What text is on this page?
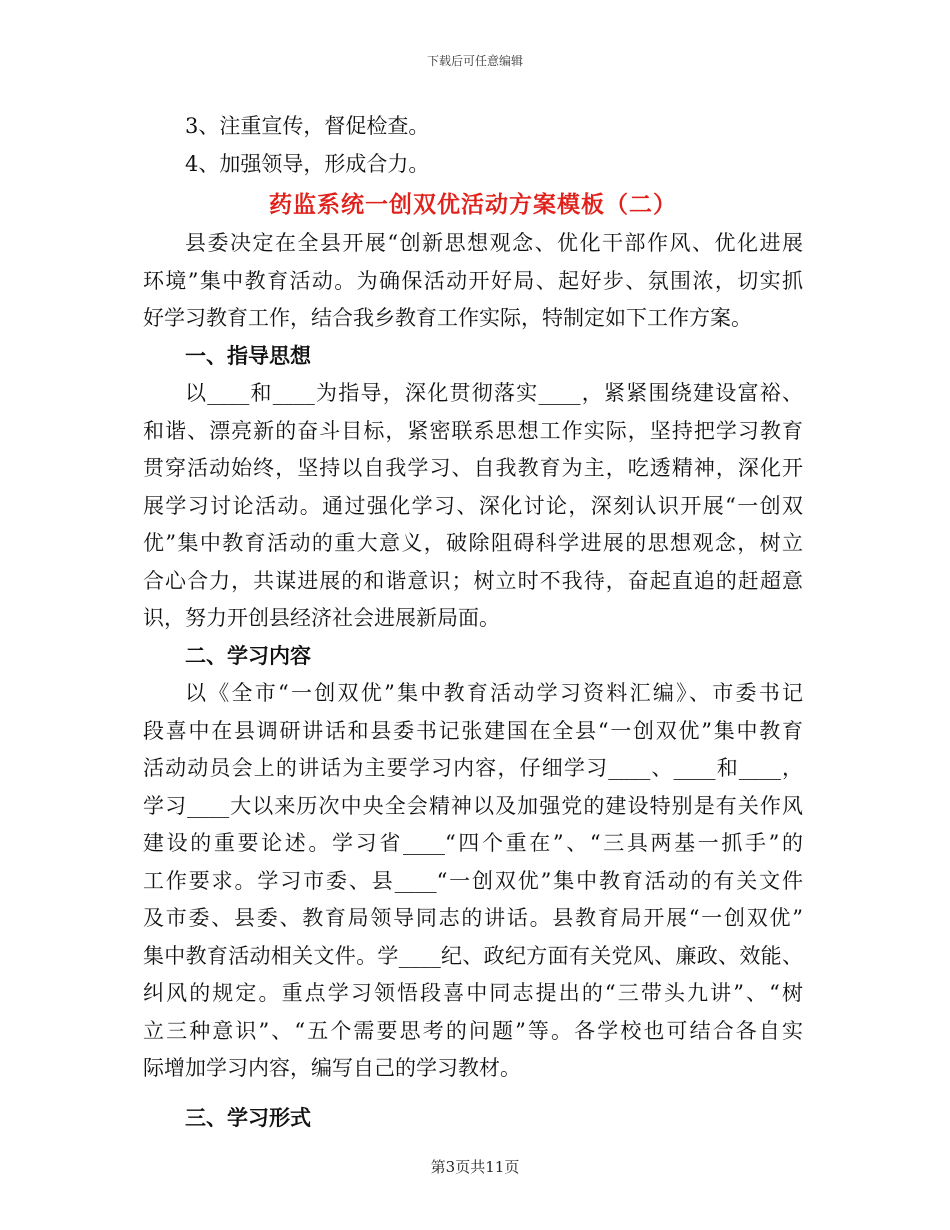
下载后可任意编辑
3、注重宣传，督促检查。
4、加强领导，形成合力。
药监系统一创双优活动方案模板（二）
县委决定在全县开展“创新思想观念、优化干部作风、优化进展
环境”集中教育活动。为确保活动开好局、起好步、氛围浓，切实抓
好学习教育工作，结合我乡教育工作实际，特制定如下工作方案。
一、指导思想
以____和____为指导，深化贯彻落实____，紧紧围绕建设富裕、
和谐、漂亮新的奋斗目标，紧密联系思想工作实际，坚持把学习教育
贯穿活动始终，坚持以自我学习、自我教育为主，吃透精神，深化开
展学习讨论活动。通过强化学习、深化讨论，深刻认识开展“一创双
优”集中教育活动的重大意义，破除阻碍科学进展的思想观念，树立
合心合力，共谋进展的和谐意识；树立时不我待，奋起直追的赶超意
识，努力开创县经济社会进展新局面。
二、学习内容
以《全市“一创双优”集中教育活动学习资料汇编》、市委书记
段喜中在县调研讲话和县委书记张建国在全县“一创双优”集中教育
活动动员会上的讲话为主要学习内容，仔细学习____、____和____，
学习____大以来历次中央全会精神以及加强党的建设特别是有关作风
建设的重要论述。学习省____“四个重在”、“三具两基一抓手”的
工作要求。学习市委、县____“一创双优”集中教育活动的有关文件
及市委、县委、教育局领导同志的讲话。县教育局开展“一创双优”
集中教育活动相关文件。学____纪、政纪方面有关党风、廉政、效能、
纠风的规定。重点学习领悟段喜中同志提出的“三带头九讲”、“树
立三种意识”、“五个需要思考的问题”等。各学校也可结合各自实
际增加学习内容，编写自己的学习教材。
三、学习形式
第3页共11页
